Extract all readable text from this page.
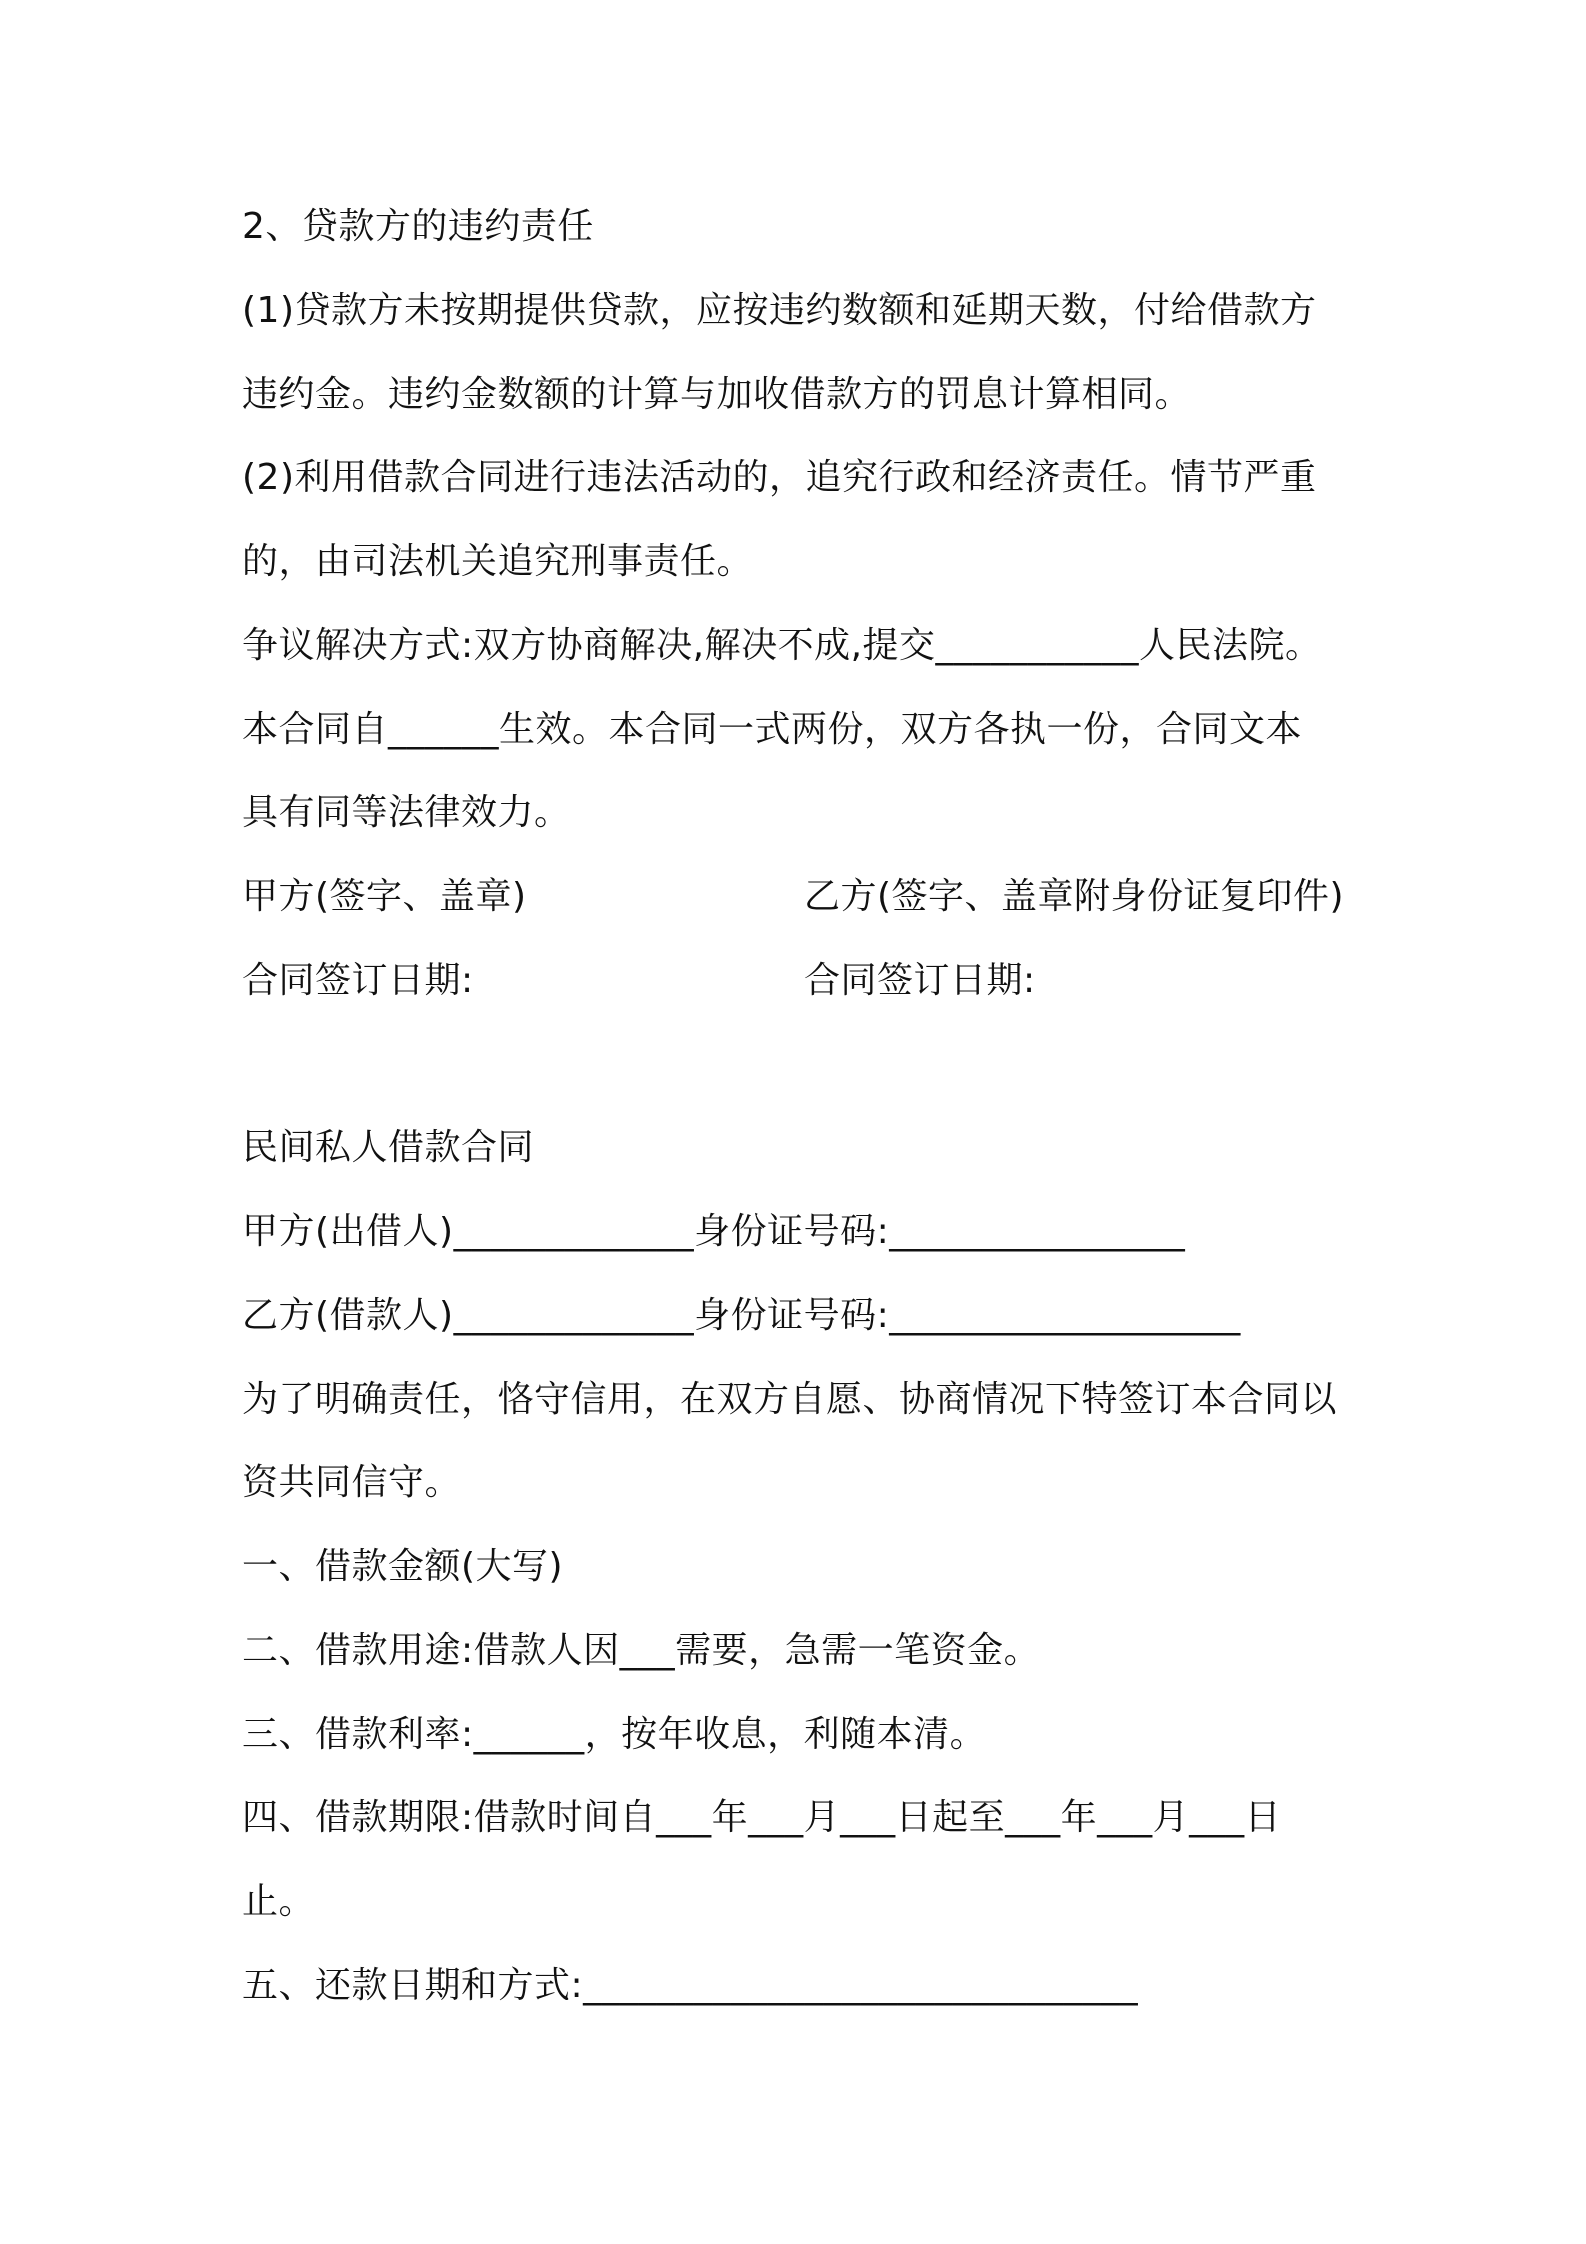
2、贷款方的违约责任
(1)贷款方未按期提供贷款，应按违约数额和延期天数，付给借款方
违约金。违约金数额的计算与加收借款方的罚息计算相同。
(2)利用借款合同进行违法活动的，追究行政和经济责任。情节严重
的，由司法机关追究刑事责任。
争议解决方式:双方协商解决,解决不成,提交___________人民法院。
本合同自______生效。本合同一式两份，双方各执一份，合同文本
具有同等法律效力。
甲方(签字、盖章)	乙方(签字、盖章附身份证复印件)
合同签订日期:	合同签订日期:
民间私人借款合同
甲方(出借人)_____________身份证号码:________________
乙方(借款人)_____________身份证号码:___________________
为了明确责任，恪守信用，在双方自愿、协商情况下特签订本合同以
资共同信守。
一、借款金额(大写)
二、借款用途:借款人因___需要，急需一笔资金。
三、借款利率:______，按年收息，利随本清。
四、借款期限:借款时间自___年___月___日起至___年___月___日
止。
五、还款日期和方式:______________________________
